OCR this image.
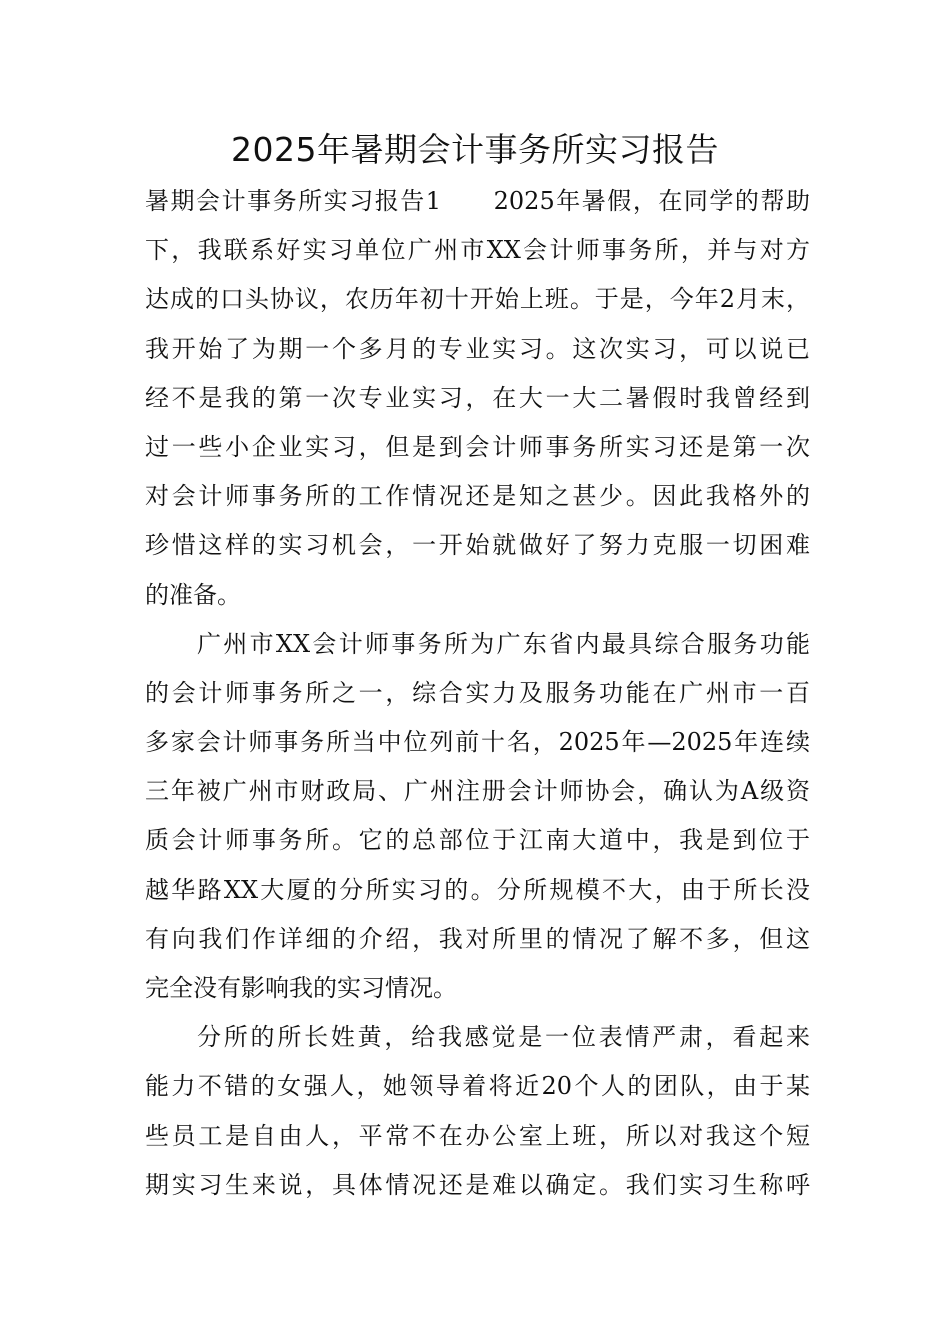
2025年暑期会计事务所实习报告
暑期会计事务所实习报告1　　2025年暑假，在同学的帮助
下，我联系好实习单位广州市XX会计师事务所，并与对方
达成的口头协议，农历年初十开始上班。于是，今年2月末，
我开始了为期一个多月的专业实习。这次实习，可以说已
经不是我的第一次专业实习，在大一大二暑假时我曾经到
过一些小企业实习，但是到会计师事务所实习还是第一次
对会计师事务所的工作情况还是知之甚少。因此我格外的
珍惜这样的实习机会，一开始就做好了努力克服一切困难
的准备。
广州市XX会计师事务所为广东省内最具综合服务功能
的会计师事务所之一，综合实力及服务功能在广州市一百
多家会计师事务所当中位列前十名，2025年—2025年连续
三年被广州市财政局、广州注册会计师协会，确认为A级资
质会计师事务所。它的总部位于江南大道中，我是到位于
越华路XX大厦的分所实习的。分所规模不大，由于所长没
有向我们作详细的介绍，我对所里的情况了解不多，但这
完全没有影响我的实习情况。
分所的所长姓黄，给我感觉是一位表情严肃，看起来
能力不错的女强人，她领导着将近20个人的团队，由于某
些员工是自由人，平常不在办公室上班，所以对我这个短
期实习生来说，具体情况还是难以确定。我们实习生称呼
